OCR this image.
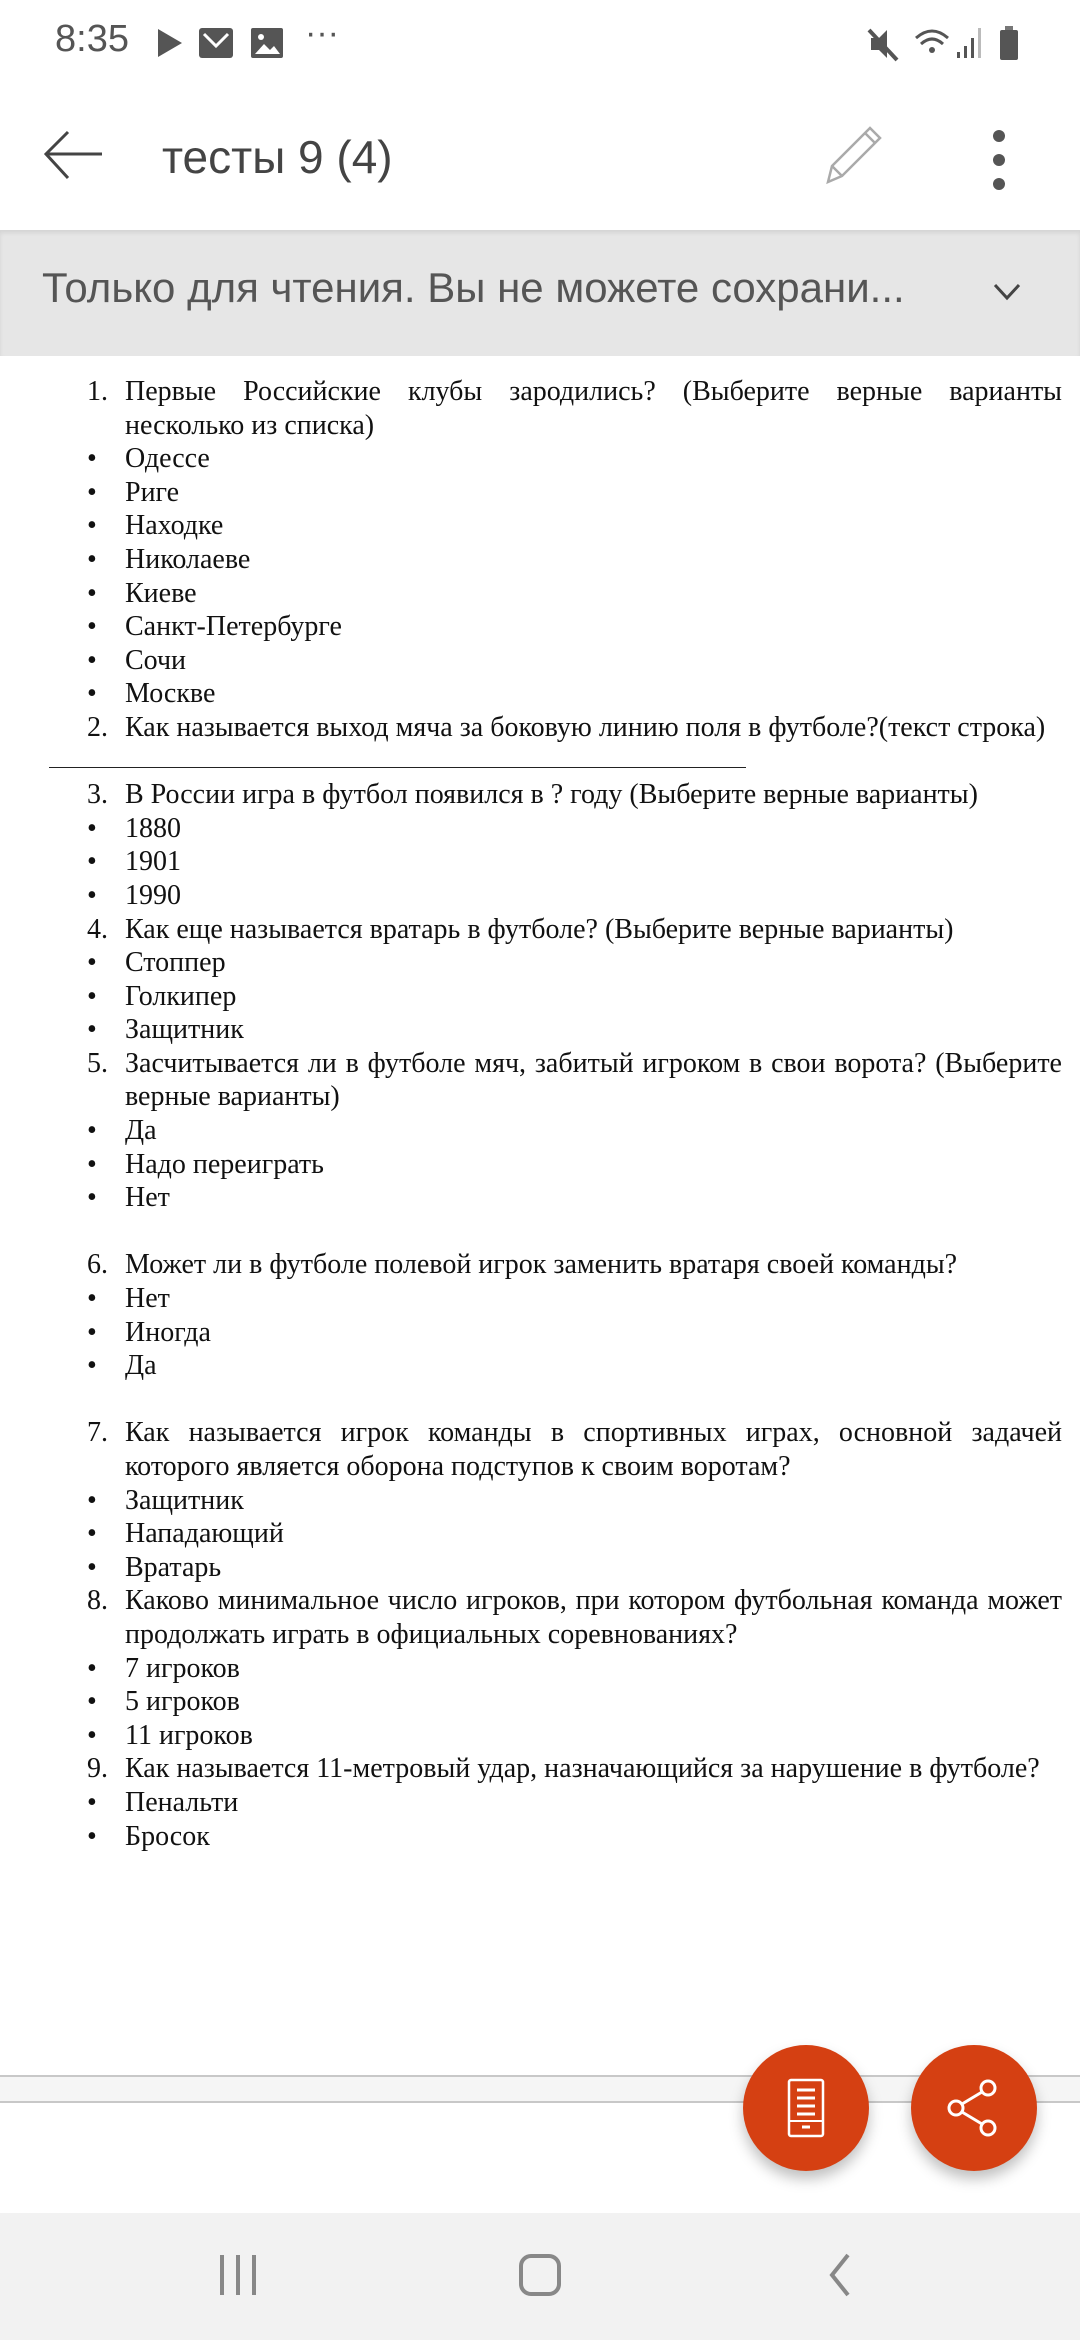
8:35	···
тесты 9 (4)
Только для чтения. Вы не можете сохрани...
1. Первые Российские клубы зародились? (Выберите верные варианты несколько из списка)
•	Одессе
•	Риге
•	Находке
•	Николаеве
•	Киеве
•	Санкт-Петербурге
•	Сочи
•	Москве
2. Как называется выход мяча за боковую линию поля в футболе?(текст строка)
3. В России игра в футбол появился в ? году (Выберите верные варианты)
•	1880
•	1901
•	1990
4. Как еще называется вратарь в футболе? (Выберите верные варианты)
•	Стоппер
•	Голкипер
•	Защитник
5. Засчитывается ли в футболе мяч, забитый игроком в свои ворота? (Выберите верные варианты)
•	Да
•	Надо переиграть
•	Нет
6. Может ли в футболе полевой игрок заменить вратаря своей команды?
•	Нет
•	Иногда
•	Да
7. Как называется игрок команды в спортивных играх, основной задачей которого является оборона подступов к своим воротам?
•	Защитник
•	Нападающий
•	Вратарь
8. Каково минимальное число игроков, при котором футбольная команда может продолжать играть в официальных соревнованиях?
•	7 игроков
•	5 игроков
•	11 игроков
9. Как называется 11-метровый удар, назначающийся за нарушение в футболе?
•	Пенальти
•	Бросок
